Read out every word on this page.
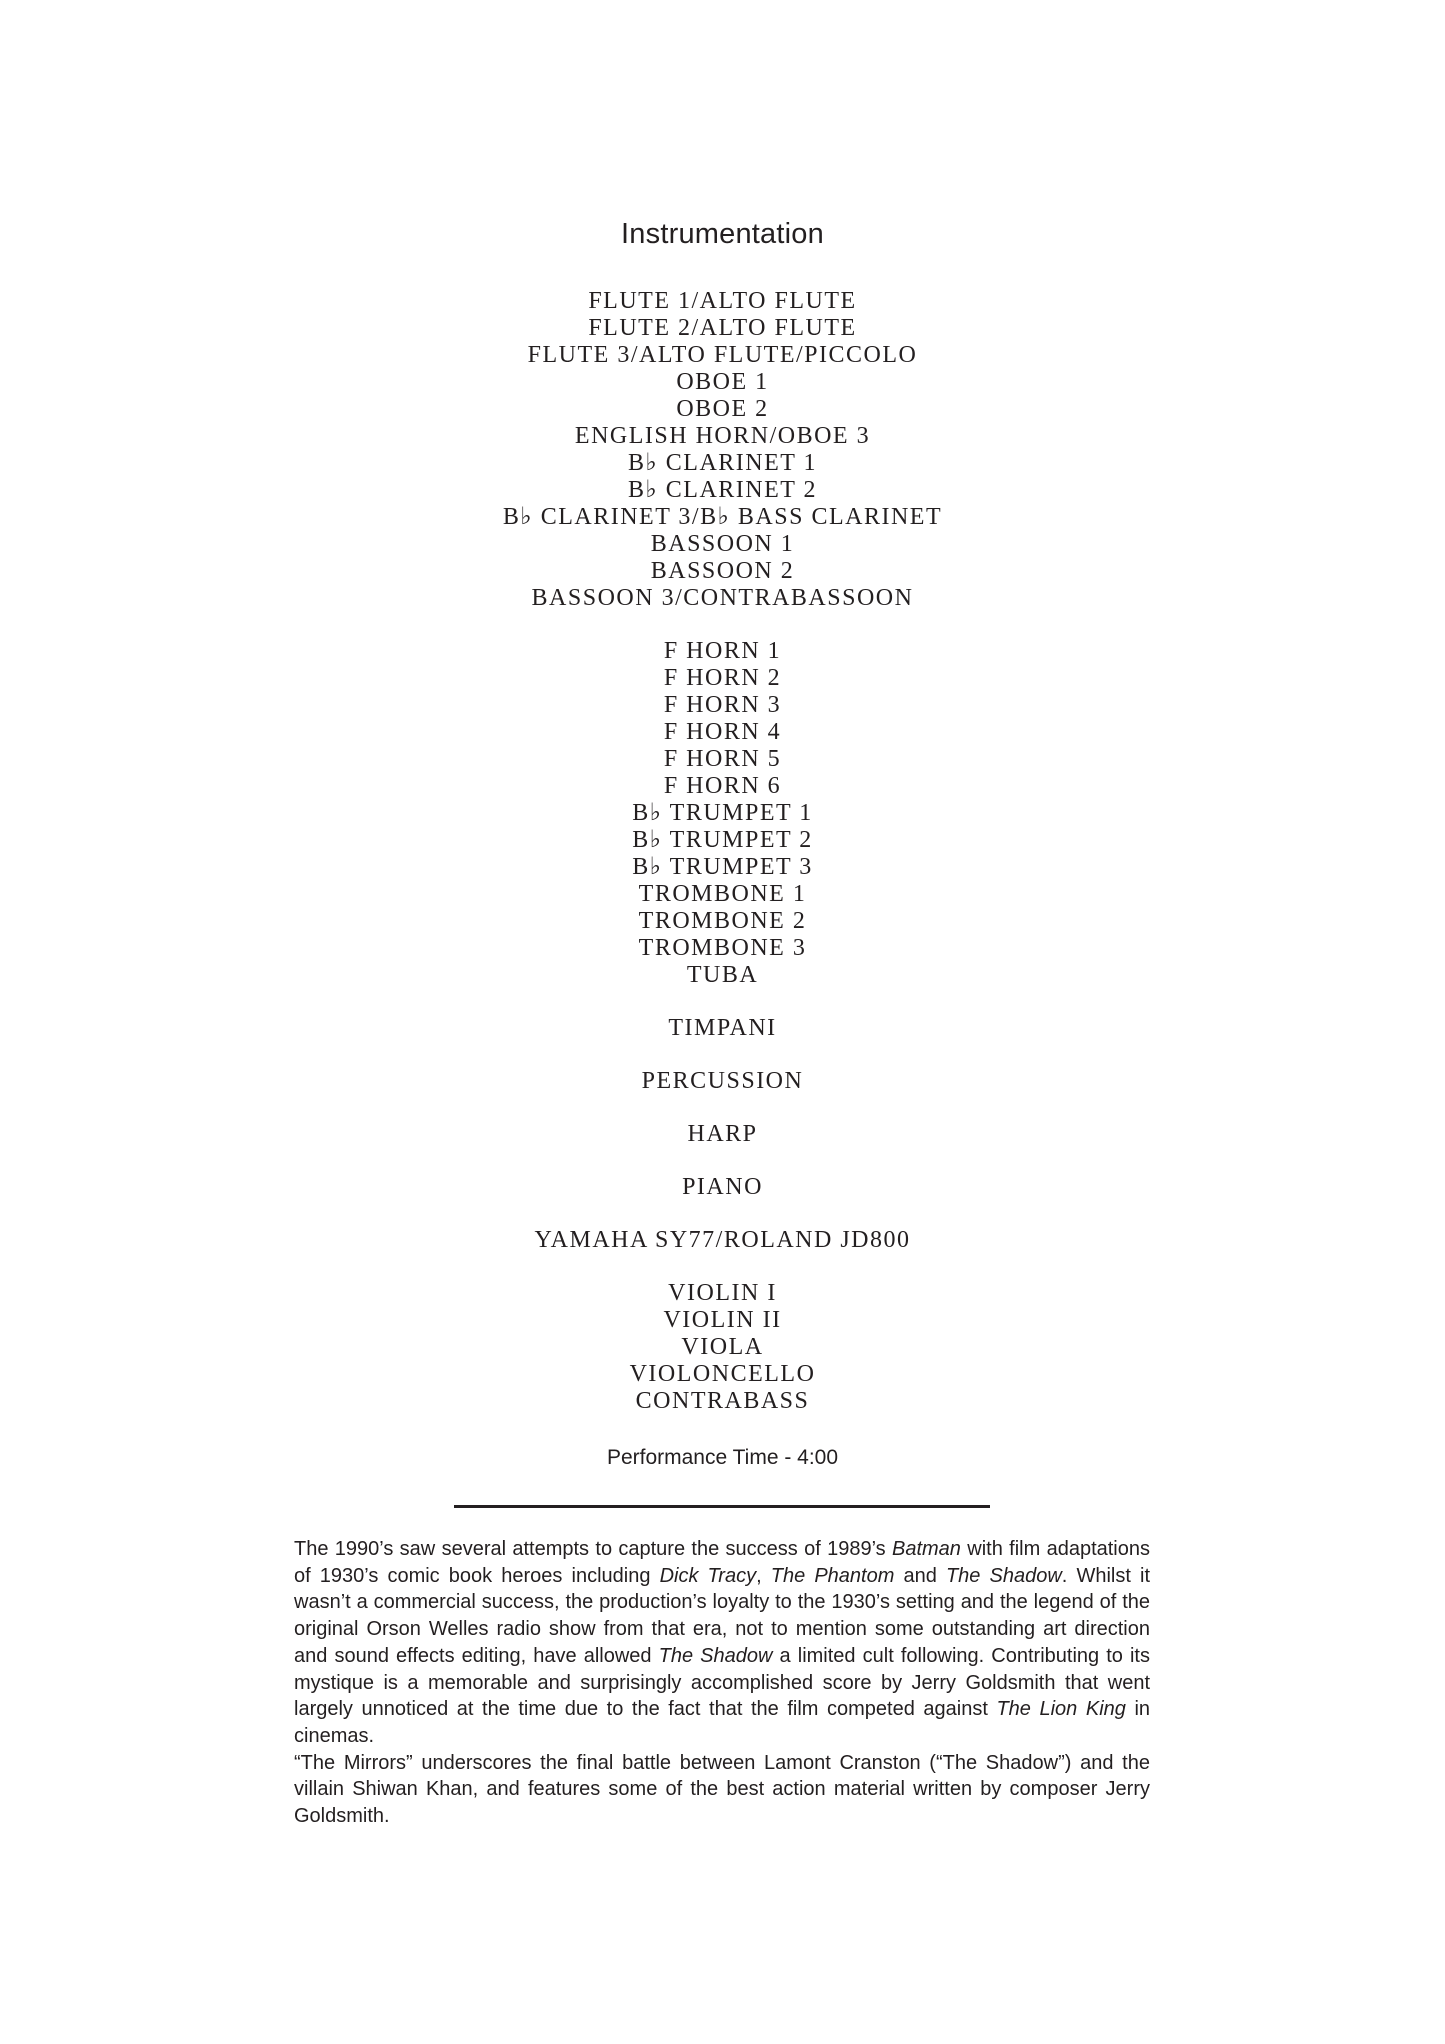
Instrumentation
FLUTE 1/ALTO FLUTE
FLUTE 2/ALTO FLUTE
FLUTE 3/ALTO FLUTE/PICCOLO
OBOE 1
OBOE 2
ENGLISH HORN/OBOE 3
B♭ CLARINET 1
B♭ CLARINET 2
B♭ CLARINET 3/B♭ BASS CLARINET
BASSOON 1
BASSOON 2
BASSOON 3/CONTRABASSOON
F HORN 1
F HORN 2
F HORN 3
F HORN 4
F HORN 5
F HORN 6
B♭ TRUMPET 1
B♭ TRUMPET 2
B♭ TRUMPET 3
TROMBONE 1
TROMBONE 2
TROMBONE 3
TUBA
TIMPANI
PERCUSSION
HARP
PIANO
YAMAHA SY77/ROLAND JD800
VIOLIN I
VIOLIN II
VIOLA
VIOLONCELLO
CONTRABASS
Performance Time - 4:00

The 1990’s saw several attempts to capture the success of 1989’s Batman with film adaptations of 1930’s comic book heroes including Dick Tracy, The Phantom and The Shadow. Whilst it wasn’t a commercial success, the production’s loyalty to the 1930’s setting and the legend of the original Orson Welles radio show from that era, not to mention some outstanding art direction and sound effects editing, have allowed The Shadow a limited cult following. Contributing to its mystique is a memorable and surprisingly accomplished score by Jerry Goldsmith that went largely unnoticed at the time due to the fact that the film competed against The Lion King in cinemas.

“The Mirrors” underscores the final battle between Lamont Cranston (“The Shadow”) and the villain Shiwan Khan, and features some of the best action material written by composer Jerry Goldsmith.
